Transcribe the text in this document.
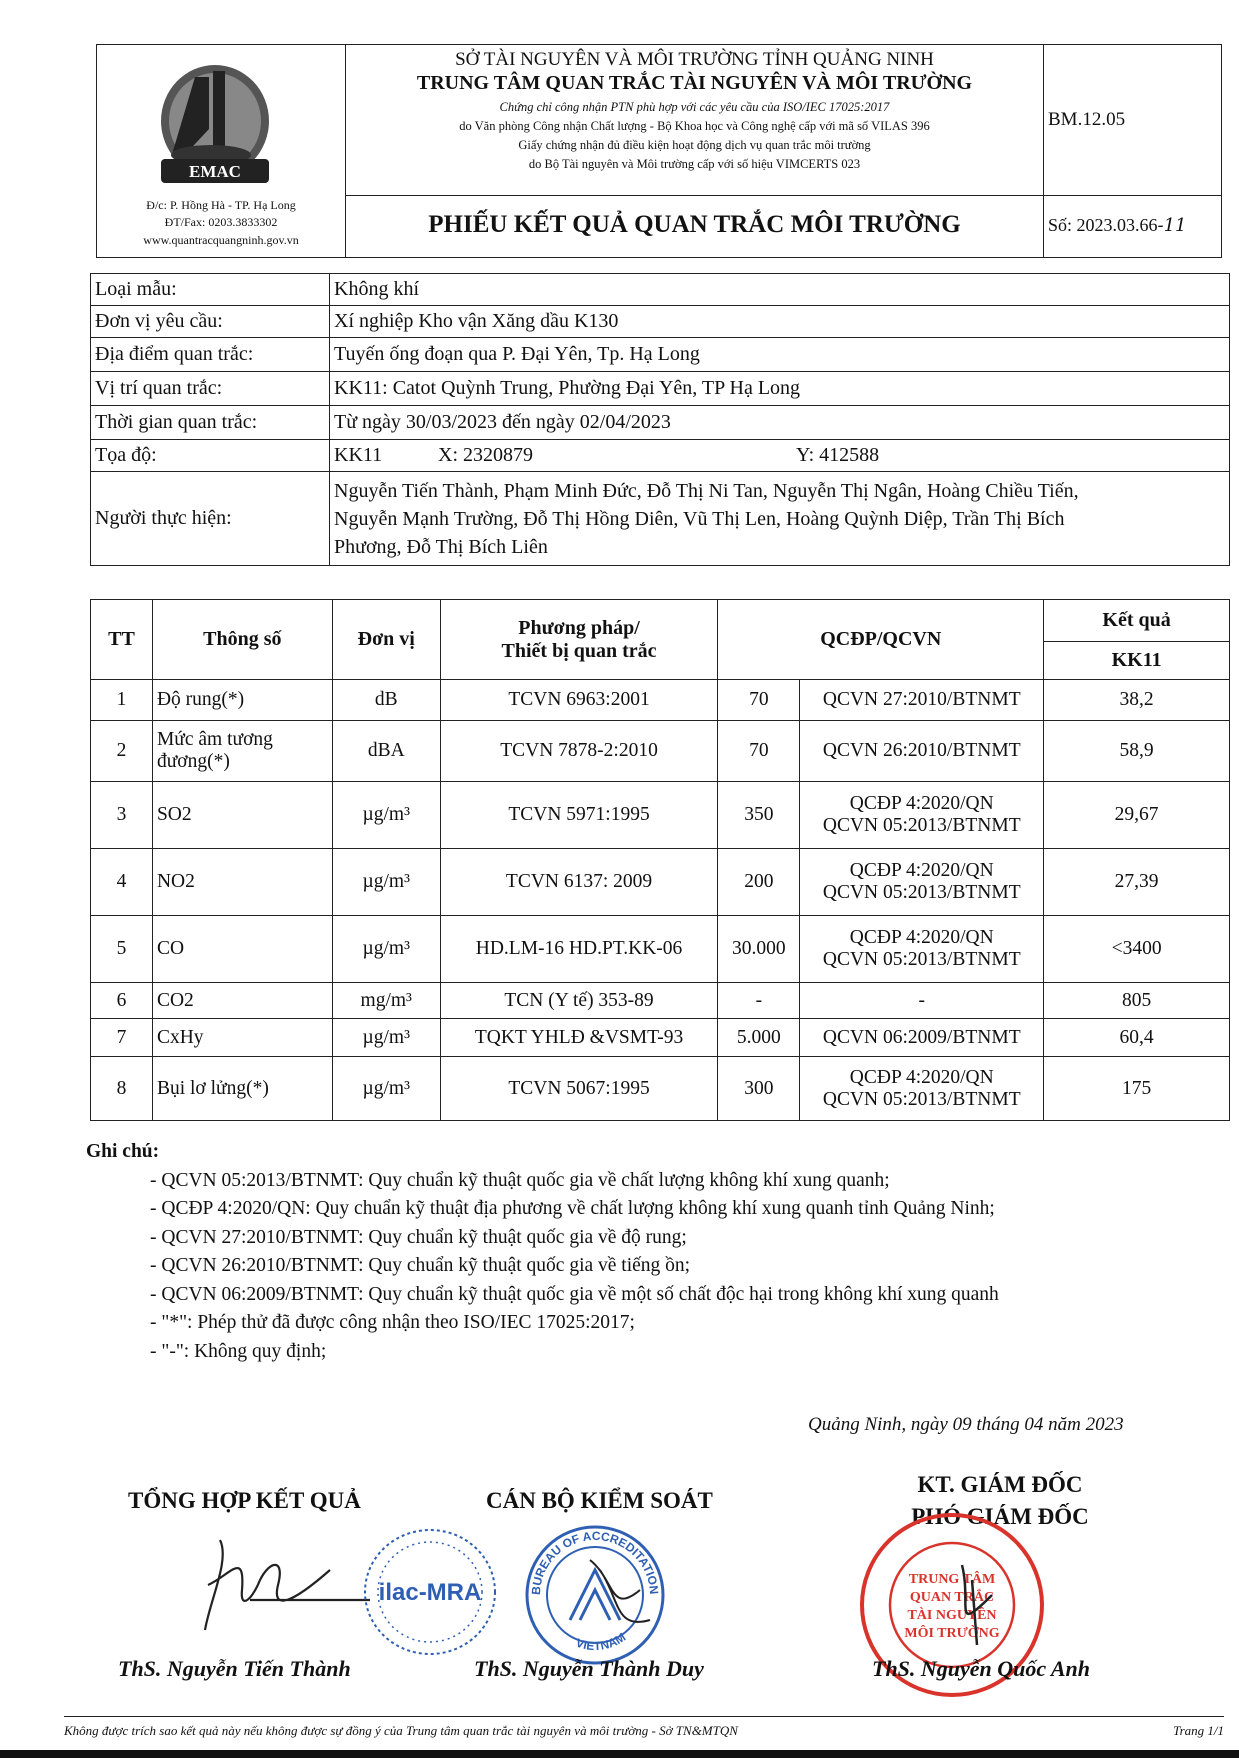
EMAC
Đ/c: P. Hồng Hà - TP. Hạ Long
ĐT/Fax: 0203.3833302
www.quantracquangninh.gov.vn
SỞ TÀI NGUYÊN VÀ MÔI TRƯỜNG TỈNH QUẢNG NINH
TRUNG TÂM QUAN TRẮC TÀI NGUYÊN VÀ MÔI TRƯỜNG
Chứng chỉ công nhận PTN phù hợp với các yêu cầu của ISO/IEC 17025:2017
do Văn phòng Công nhận Chất lượng - Bộ Khoa học và Công nghệ cấp với mã số VILAS 396
Giấy chứng nhận đủ điều kiện hoạt động dịch vụ quan trắc môi trường
do Bộ Tài nguyên và Môi trường cấp với số hiệu VIMCERTS 023
PHIẾU KẾT QUẢ QUAN TRẮC MÔI TRƯỜNG
BM.12.05
Số: 2023.03.66-11
Loại mẫu:	Không khí
Đơn vị yêu cầu:	Xí nghiệp Kho vận Xăng dầu K130
Địa điểm quan trắc:	Tuyến ống đoạn qua P. Đại Yên, Tp. Hạ Long
Vị trí quan trắc:	KK11: Catot Quỳnh Trung, Phường Đại Yên, TP Hạ Long
Thời gian quan trắc:	Từ ngày 30/03/2023 đến ngày 02/04/2023
Tọa độ:	KK11 X: 2320879 Y: 412588
Người thực hiện:	Nguyễn Tiến Thành, Phạm Minh Đức, Đỗ Thị Ni Tan, Nguyễn Thị Ngân, Hoàng Chiều Tiến,
Nguyễn Mạnh Trường, Đỗ Thị Hồng Diên, Vũ Thị Len, Hoàng Quỳnh Diệp, Trần Thị Bích
Phương, Đỗ Thị Bích Liên
TT	Thông số	Đơn vị	Phương pháp/
Thiết bị quan trắc	QCĐP/QCVN		Kết quả
						KK11
1	Độ rung(*)	dB	TCVN 6963:2001	70	QCVN 27:2010/BTNMT	38,2
2	Mức âm tương đương(*)	dBA	TCVN 7878-2:2010	70	QCVN 26:2010/BTNMT	58,9
3	SO2	µg/m³	TCVN 5971:1995	350	QCĐP 4:2020/QN
QCVN 05:2013/BTNMT	29,67
4	NO2	µg/m³	TCVN 6137: 2009	200	QCĐP 4:2020/QN
QCVN 05:2013/BTNMT	27,39
5	CO	µg/m³	HD.LM-16 HD.PT.KK-06	30.000	QCĐP 4:2020/QN
QCVN 05:2013/BTNMT	<3400
6	CO2	mg/m³	TCN (Y tế) 353-89	-	-	805
7	CxHy	µg/m³	TQKT YHLĐ &VSMT-93	5.000	QCVN 06:2009/BTNMT	60,4
8	Bụi lơ lửng(*)	µg/m³	TCVN 5067:1995	300	QCĐP 4:2020/QN
QCVN 05:2013/BTNMT	175
Ghi chú:
- QCVN 05:2013/BTNMT: Quy chuẩn kỹ thuật quốc gia về chất lượng không khí xung quanh;
- QCĐP 4:2020/QN: Quy chuẩn kỹ thuật địa phương về chất lượng không khí xung quanh tỉnh Quảng Ninh;
- QCVN 27:2010/BTNMT: Quy chuẩn kỹ thuật quốc gia về độ rung;
- QCVN 26:2010/BTNMT: Quy chuẩn kỹ thuật quốc gia về tiếng ồn;
- QCVN 06:2009/BTNMT: Quy chuẩn kỹ thuật quốc gia về một số chất độc hại trong không khí xung quanh
- "*": Phép thử đã được công nhận theo ISO/IEC 17025:2017;
- "-": Không quy định;
Quảng Ninh, ngày 09 tháng 04 năm 2023
TỔNG HỢP KẾT QUẢ	CÁN BỘ KIỂM SOÁT
KT. GIÁM ĐỐC
PHÓ GIÁM ĐỐC
ilac-MRA	BUREAU OF ACCREDITATION
VIETNAM
TRUNG TÂM QUAN TRẮC TÀI NGUYÊN MÔI TRƯỜNG
ThS. Nguyễn Tiến Thành	ThS. Nguyễn Thành Duy	ThS. Nguyễn Quốc Anh
Không được trích sao kết quả này nếu không được sự đồng ý của Trung tâm quan trắc tài nguyên và môi trường - Sở TN&MTQN	Trang 1/1
